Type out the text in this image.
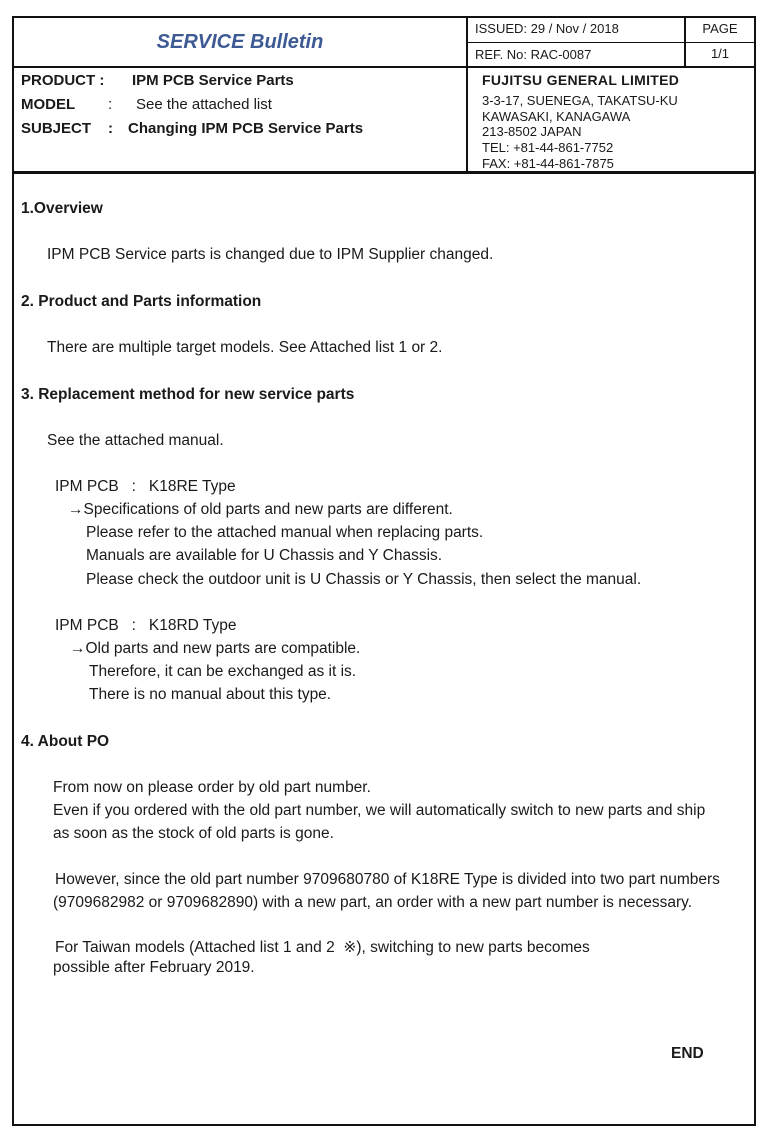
SERVICE Bulletin
ISSUED: 29 / Nov / 2018
REF. No: RAC-0087
PAGE
1/1
PRODUCT : IPM PCB Service Parts
MODEL : See the attached list
SUBJECT : Changing IPM PCB Service Parts
FUJITSU GENERAL LIMITED
3-3-17, SUENEGA, TAKATSU-KU
KAWASAKI, KANAGAWA
213-8502 JAPAN
TEL: +81-44-861-7752
FAX: +81-44-861-7875
1.Overview
IPM PCB Service parts is changed due to IPM Supplier changed.
2. Product and Parts information
There are multiple target models. See Attached list 1 or 2.
3. Replacement method for new service parts
See the attached manual.
IPM PCB   :   K18RE Type
→Specifications of old parts and new parts are different.
Please refer to the attached manual when replacing parts.
Manuals are available for U Chassis and Y Chassis.
Please check the outdoor unit is U Chassis or Y Chassis, then select the manual.
IPM PCB   :   K18RD Type
→Old parts and new parts are compatible.
Therefore, it can be exchanged as it is.
There is no manual about this type.
4. About PO
From now on please order by old part number.
Even if you ordered with the old part number, we will automatically switch to new parts and ship
as soon as the stock of old parts is gone.
However, since the old part number 9709680780 of K18RE Type is divided into two part numbers
(9709682982 or 9709682890) with a new part, an order with a new part number is necessary.
For Taiwan models (Attached list 1 and 2  ※), switching to new parts becomes
possible after February 2019.
END
